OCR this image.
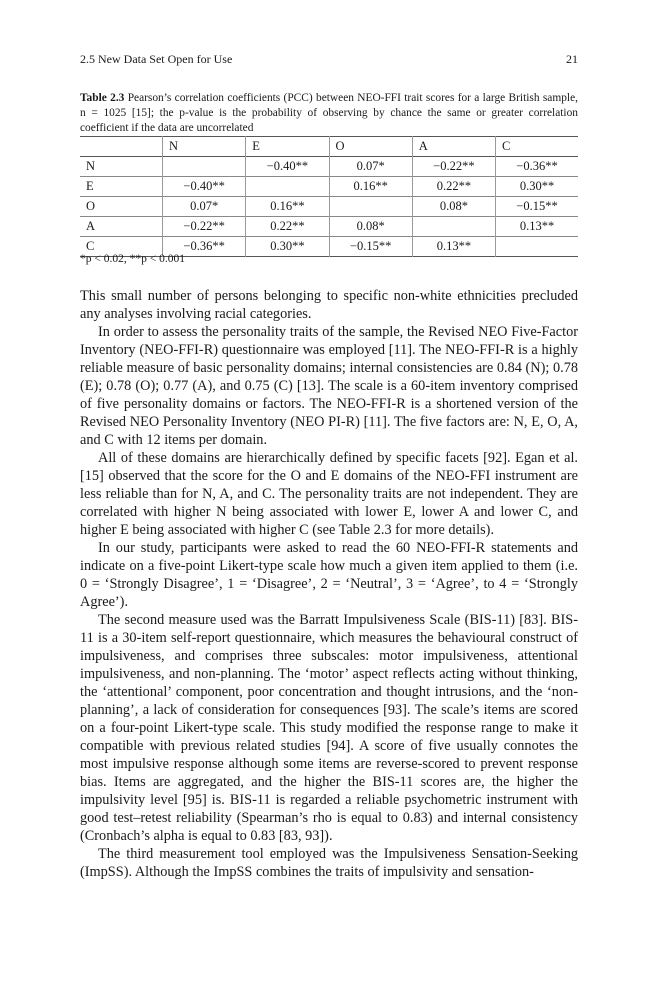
2.5 New Data Set Open for Use	21
Table 2.3 Pearson’s correlation coefficients (PCC) between NEO-FFI trait scores for a large British sample, n = 1025 [15]; the p-value is the probability of observing by chance the same or greater correlation coefficient if the data are uncorrelated
	N	E	O	A	C
N		−0.40**	0.07*	−0.22**	−0.36**
E	−0.40**		0.16**	0.22**	0.30**
O	0.07*	0.16**		0.08*	−0.15**
A	−0.22**	0.22**	0.08*		0.13**
C	−0.36**	0.30**	−0.15**	0.13**	
*p < 0.02, **p < 0.001

This small number of persons belonging to specific non-white ethnicities precluded any analyses involving racial categories.

In order to assess the personality traits of the sample, the Revised NEO Five-Factor Inventory (NEO-FFI-R) questionnaire was employed [11]. The NEO-FFI-R is a highly reliable measure of basic personality domains; internal consistencies are 0.84 (N); 0.78 (E); 0.78 (O); 0.77 (A), and 0.75 (C) [13]. The scale is a 60-item inventory comprised of five personality domains or factors. The NEO-FFI-R is a shortened version of the Revised NEO Personality Inventory (NEO PI-R) [11]. The five factors are: N, E, O, A, and C with 12 items per domain.

All of these domains are hierarchically defined by specific facets [92]. Egan et al. [15] observed that the score for the O and E domains of the NEO-FFI instrument are less reliable than for N, A, and C. The personality traits are not independent. They are correlated with higher N being associated with lower E, lower A and lower C, and higher E being associated with higher C (see Table 2.3 for more details).

In our study, participants were asked to read the 60 NEO-FFI-R statements and indicate on a five-point Likert-type scale how much a given item applied to them (i.e. 0 = ‘Strongly Disagree’, 1 = ‘Disagree’, 2 = ‘Neutral’, 3 = ‘Agree’, to 4 = ‘Strongly Agree’).

The second measure used was the Barratt Impulsiveness Scale (BIS-11) [83]. BIS-11 is a 30-item self-report questionnaire, which measures the behavioural construct of impulsiveness, and comprises three subscales: motor impulsiveness, attentional impulsiveness, and non-planning. The ‘motor’ aspect reflects acting without thinking, the ‘attentional’ component, poor concentration and thought intrusions, and the ‘non-planning’, a lack of consideration for consequences [93]. The scale’s items are scored on a four-point Likert-type scale. This study modified the response range to make it compatible with previous related studies [94]. A score of five usually connotes the most impulsive response although some items are reverse-scored to prevent response bias. Items are aggregated, and the higher the BIS-11 scores are, the higher the impulsivity level [95] is. BIS-11 is regarded a reliable psychometric instrument with good test–retest reliability (Spearman’s rho is equal to 0.83) and internal consistency (Cronbach’s alpha is equal to 0.83 [83, 93]).

The third measurement tool employed was the Impulsiveness Sensation-Seeking (ImpSS). Although the ImpSS combines the traits of impulsivity and sensation-
